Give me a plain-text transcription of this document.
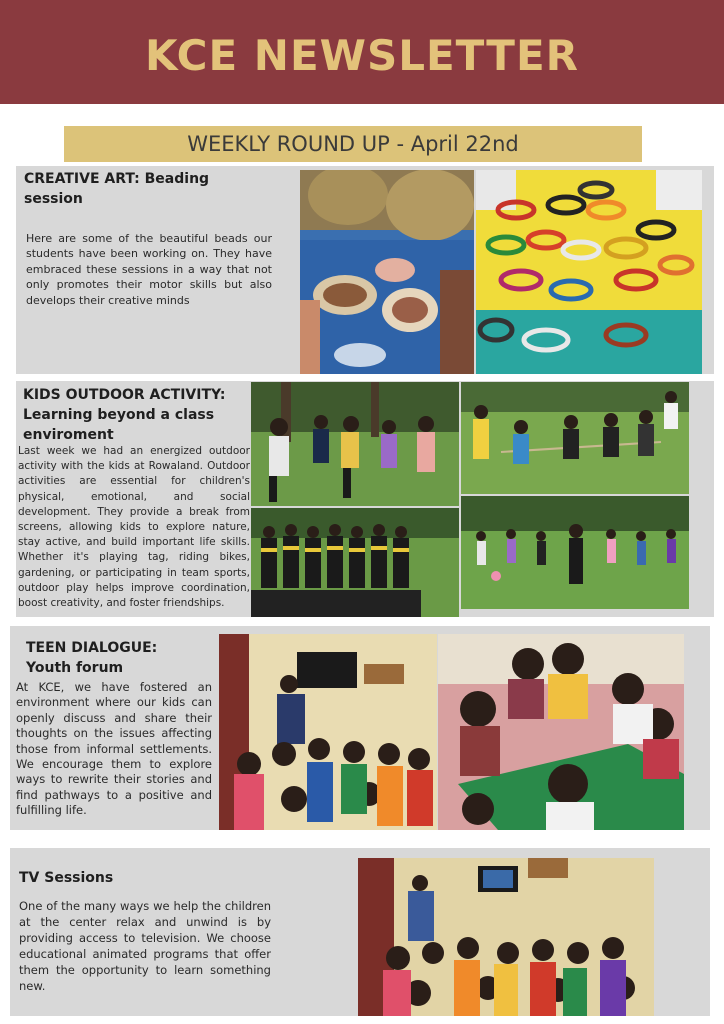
KCE NEWSLETTER
WEEKLY ROUND UP - April 22nd
CREATIVE ART: Beading
session
Here are some of the beautiful beads our students have been working on. They have embraced these sessions in a way that not only promotes their motor skills but also develops their creative minds
KIDS OUTDOOR ACTIVITY:
Learning beyond a class
enviroment
Last week we had an energized outdoor activity with the kids at Rowaland. Outdoor activities are essential for children's physical, emotional, and social development. They provide a break from screens, allowing kids to explore nature, stay active, and build important life skills. Whether it's playing tag, riding bikes, gardening, or participating in team sports, outdoor play helps improve coordination, boost creativity, and foster friendships.
TEEN DIALOGUE:
Youth forum
At KCE, we have fostered an environment where our kids can openly discuss and share their thoughts on the issues affecting those from informal settlements. We encourage them to explore ways to rewrite their stories and find pathways to a positive and fulfilling life.
TV Sessions
One of the many ways we help the children at the center relax and unwind is by providing access to television. We choose educational animated programs that offer them the opportunity to learn something new.
